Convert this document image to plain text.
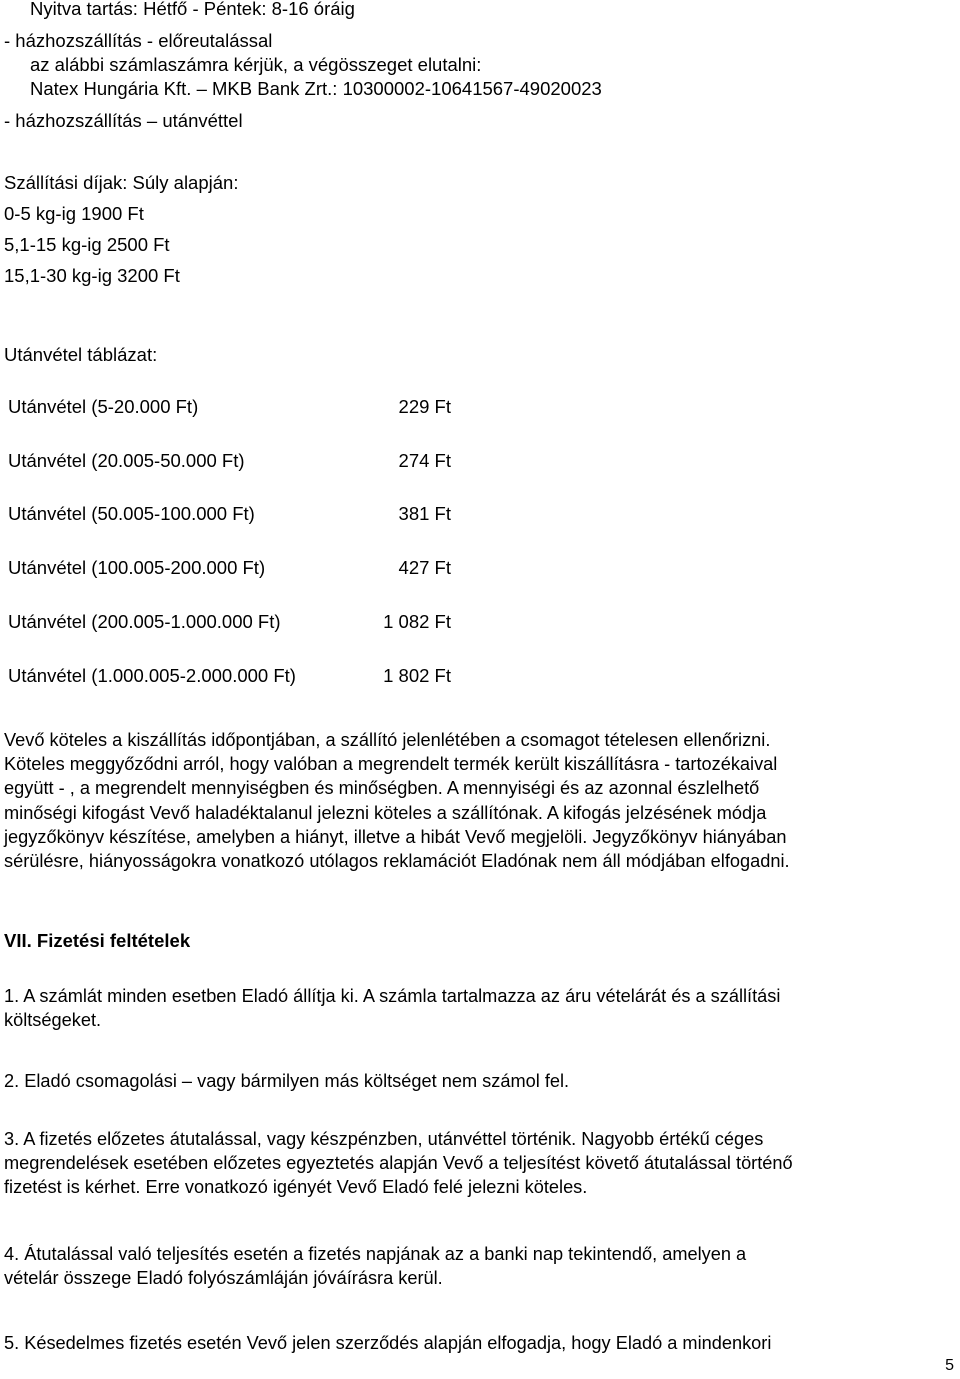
Nyitva tartás: Hétfő - Péntek: 8-16 óráig
- házhozszállítás - előreutalással
az alábbi számlaszámra kérjük, a végösszeget elutalni:
Natex Hungária Kft. – MKB Bank Zrt.: 10300002-10641567-49020023
- házhozszállítás – utánvéttel
Szállítási díjak: Súly alapján:
0-5 kg-ig 1900 Ft
5,1-15 kg-ig 2500 Ft
15,1-30 kg-ig 3200 Ft
Utánvétel táblázat:
Utánvétel (5-20.000 Ft)	229 Ft
Utánvétel (20.005-50.000 Ft)	274 Ft
Utánvétel (50.005-100.000 Ft)	381 Ft
Utánvétel (100.005-200.000 Ft)	427 Ft
Utánvétel (200.005-1.000.000 Ft)	1 082 Ft
Utánvétel (1.000.005-2.000.000 Ft)	1 802 Ft
Vevő köteles a kiszállítás időpontjában, a szállító jelenlétében a csomagot tételesen ellenőrizni.
Köteles meggyőződni arról, hogy valóban a megrendelt termék került kiszállításra - tartozékaival
együtt - , a megrendelt mennyiségben és minőségben. A mennyiségi és az azonnal észlelhető
minőségi kifogást Vevő haladéktalanul jelezni köteles a szállítónak. A kifogás jelzésének módja
jegyzőkönyv készítése, amelyben a hiányt, illetve a hibát Vevő megjelöli. Jegyzőkönyv hiányában
sérülésre, hiányosságokra vonatkozó utólagos reklamációt Eladónak nem áll módjában elfogadni.
VII. Fizetési feltételek
1. A számlát minden esetben Eladó állítja ki. A számla tartalmazza az áru vételárát és a szállítási
költségeket.
2. Eladó csomagolási – vagy bármilyen más költséget nem számol fel.
3. A fizetés előzetes átutalással, vagy készpénzben, utánvéttel történik. Nagyobb értékű céges
megrendelések esetében előzetes egyeztetés alapján Vevő a teljesítést követő átutalással történő
fizetést is kérhet. Erre vonatkozó igényét Vevő Eladó felé jelezni köteles.
4. Átutalással való teljesítés esetén a fizetés napjának az a banki nap tekintendő, amelyen a
vételár összege Eladó folyószámláján jóváírásra kerül.
5. Késedelmes fizetés esetén Vevő jelen szerződés alapján elfogadja, hogy Eladó a mindenkori
5
